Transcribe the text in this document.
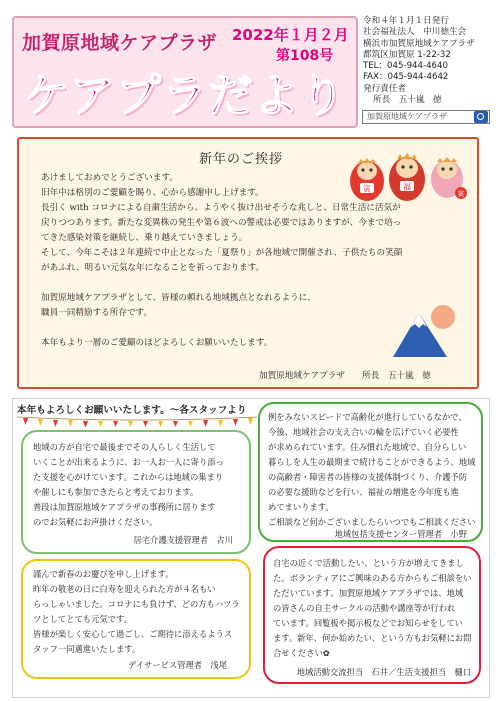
加賀原地域ケアプラザ 2022年１月２月
第108号
ケアプラだより
令和４年１月１日発行
社会福祉法人　中川徳生会
横浜市加賀原地域ケアプラザ
都筑区加賀原 1-22-32
TEL：045-944-4640
FAX：045-944-4642
発行責任者
所長　五十嵐　徳
加賀原地域ケアプラザ
新年のご挨拶
寅	福
寅

あけましておめでとうございます。

旧年中は格別のご愛顧を賜り、心から感謝申し上げます。

長引く with コロナによる自粛生活から、ようやく抜け出せそうな兆しと、日常生活に活気が

戻りつつあります。新たな変異株の発生や第６波への警戒は必要ではありますが、今まで培っ

てきた感染対策を継続し、乗り越えていきましょう。

そして、今年こそは２年連続で中止となった「夏祭り」が各地域で開催され、子供たちの笑顔

があふれ、明るい元気な年になることを祈っております。

加賀原地域ケアプラザとして、皆様の頼れる地域拠点となれるように、

職員一同精励する所存です。

本年もより一層のご愛顧のほどよろしくお願いいたします。

加賀原地域ケアプラザ　　所長　五十嵐　徳
本年もよろしくお願いいたします。～各スタッフより

地域の方が自宅で最後までその人らしく生活して

いくことが出来るように、お一人お一人に寄り添っ

た支援を心がけています。これからは地域の集まり

や催しにも参加できたらと考えております。

普段は加賀原地域ケアプラザの事務所に居ります

のでお気軽にお声掛けください。

居宅介護支援管理者　古川

謹んで新春のお慶びを申し上げます。

昨年の敬老の日に白寿を迎えられた方が４名もい

らっしゃいました。コロナにも負けず、どの方もハツラ

ツとしてとても元気です。

皆様が楽しく安心して過ごし、ご期待に添えるようス

タッフ一同邁進いたします。

デイサービス管理者　浅尾

例をみないスピードで高齢化が進行しているなかで、

今後、地域社会の支え合いの輪を広げていく必要性

が求められています。住み慣れた地域で、自分らしい

暮らしを人生の最期まで続けることができるよう、地域

の高齢者・障害者の皆様の支援体制づくり、介護予防

の必要な援助などを行い、福祉の増進を今年度も進

めてまいります。

ご相談など何かございましたらいつでもご相談ください

地域包括支援センター管理者　小野

自宅の近くで活動したい、という方が増えてきまし

た。ボランティアにご興味のある方からもご相談をい

ただいています。加賀原地域ケアプラザでは、地域

の皆さんの自主サークルの活動や講座等が行われ

ています。回覧板や掲示板などでお知らせをしてい

ます。新年、何か始めたい、という方もお気軽にお問

合せください✿

地域活動交流担当　石井／生活支援担当　樋口
